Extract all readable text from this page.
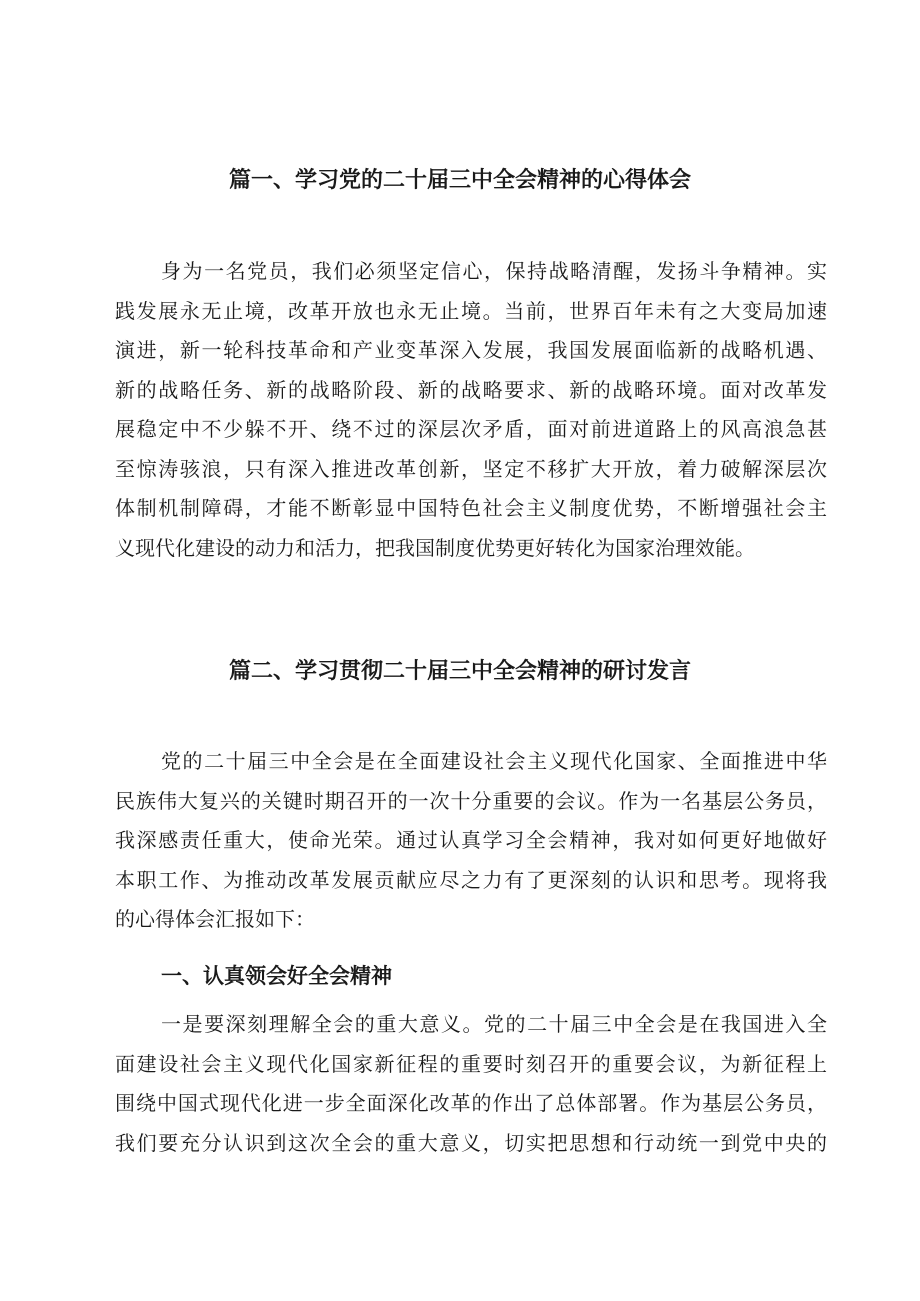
篇一、学习党的二十届三中全会精神的心得体会
身为一名党员，我们必须坚定信心，保持战略清醒，发扬斗争精神。实
践发展永无止境，改革开放也永无止境。当前，世界百年未有之大变局加速
演进，新一轮科技革命和产业变革深入发展，我国发展面临新的战略机遇、
新的战略任务、新的战略阶段、新的战略要求、新的战略环境。面对改革发
展稳定中不少躲不开、绕不过的深层次矛盾，面对前进道路上的风高浪急甚
至惊涛骇浪，只有深入推进改革创新，坚定不移扩大开放，着力破解深层次
体制机制障碍，才能不断彰显中国特色社会主义制度优势，不断增强社会主
义现代化建设的动力和活力，把我国制度优势更好转化为国家治理效能。
篇二、学习贯彻二十届三中全会精神的研讨发言
党的二十届三中全会是在全面建设社会主义现代化国家、全面推进中华
民族伟大复兴的关键时期召开的一次十分重要的会议。作为一名基层公务员，
我深感责任重大，使命光荣。通过认真学习全会精神，我对如何更好地做好
本职工作、为推动改革发展贡献应尽之力有了更深刻的认识和思考。现将我
的心得体会汇报如下：
一、认真领会好全会精神
一是要深刻理解全会的重大意义。党的二十届三中全会是在我国进入全
面建设社会主义现代化国家新征程的重要时刻召开的重要会议，为新征程上
围绕中国式现代化进一步全面深化改革的作出了总体部署。作为基层公务员，
我们要充分认识到这次全会的重大意义，切实把思想和行动统一到党中央的
